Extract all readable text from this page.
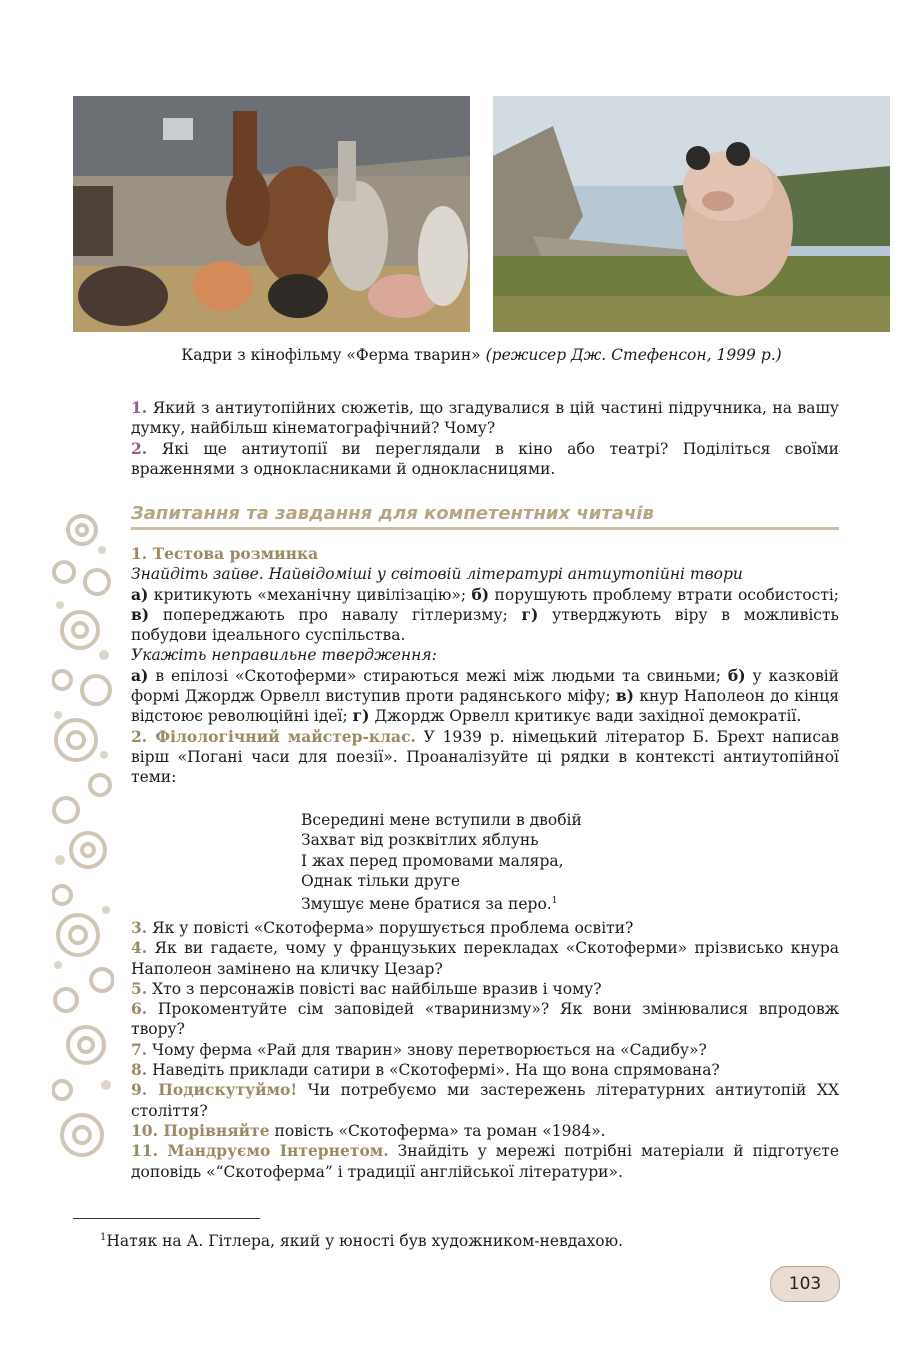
Кадри з кінофільму «Ферма тварин» (режисер Дж. Стефенсон, 1999 р.)
1. Який з антиутопійних сюжетів, що згадувалися в цій частині підручника, на вашу думку, найбільш кінематографічний? Чому?
2. Які ще антиутопії ви переглядали в кіно або театрі? Поділіться своїми враженнями з однокласниками й однокласницями.
Запитання та завдання для компетентних читачів
1. Тестова розминка
Знайдіть зайве. Найвідоміші у світовій літературі антиутопійні твори
а) критикують «механічну цивілізацію»; б) порушують проблему втрати особистості; в) попереджають про навалу гітлеризму; г) утверджують віру в можливість побудови ідеального суспільства.
Укажіть неправильне твердження:
а) в епілозі «Скотоферми» стираються межі між людьми та свиньми; б) у казковій формі Джордж Орвелл виступив проти радянського міфу; в) кнур Наполеон до кінця відстоює революційні ідеї; г) Джордж Орвелл критикує вади західної демократії.
2. Філологічний майстер-клас. У 1939 р. німецький літератор Б. Брехт написав вірш «Погані часи для поезії». Проаналізуйте ці рядки в контексті антиутопійної теми:
Всередині мене вступили в двобій
Захват від розквітлих яблунь
І жах перед промовами маляра,
Однак тільки друге
Змушує мене братися за перо.$^1$
3. Як у повісті «Скотоферма» порушується проблема освіти?
4. Як ви гадаєте, чому у французьких перекладах «Скотоферми» прізвисько кнура Наполеон замінено на кличку Цезар?
5. Хто з персонажів повісті вас найбільше вразив і чому?
6. Прокоментуйте сім заповідей «тваринизму»? Як вони змінювалися впродовж твору?
7. Чому ферма «Рай для тварин» знову перетворюється на «Садибу»?
8. Наведіть приклади сатири в «Скотофермі». На що вона спрямована?
9. Подискутуймо! Чи потребуємо ми застережень літературних антиутопій XX століття?
10. Порівняйте повість «Скотоферма» та роман «1984».
11. Мандруємо Інтернетом. Знайдіть у мережі потрібні матеріали й підготуєте доповідь «“Скотоферма” і традиції англійської літератури».
$^1$Натяк на А. Гітлера, який у юності був художником-невдахою.
103
